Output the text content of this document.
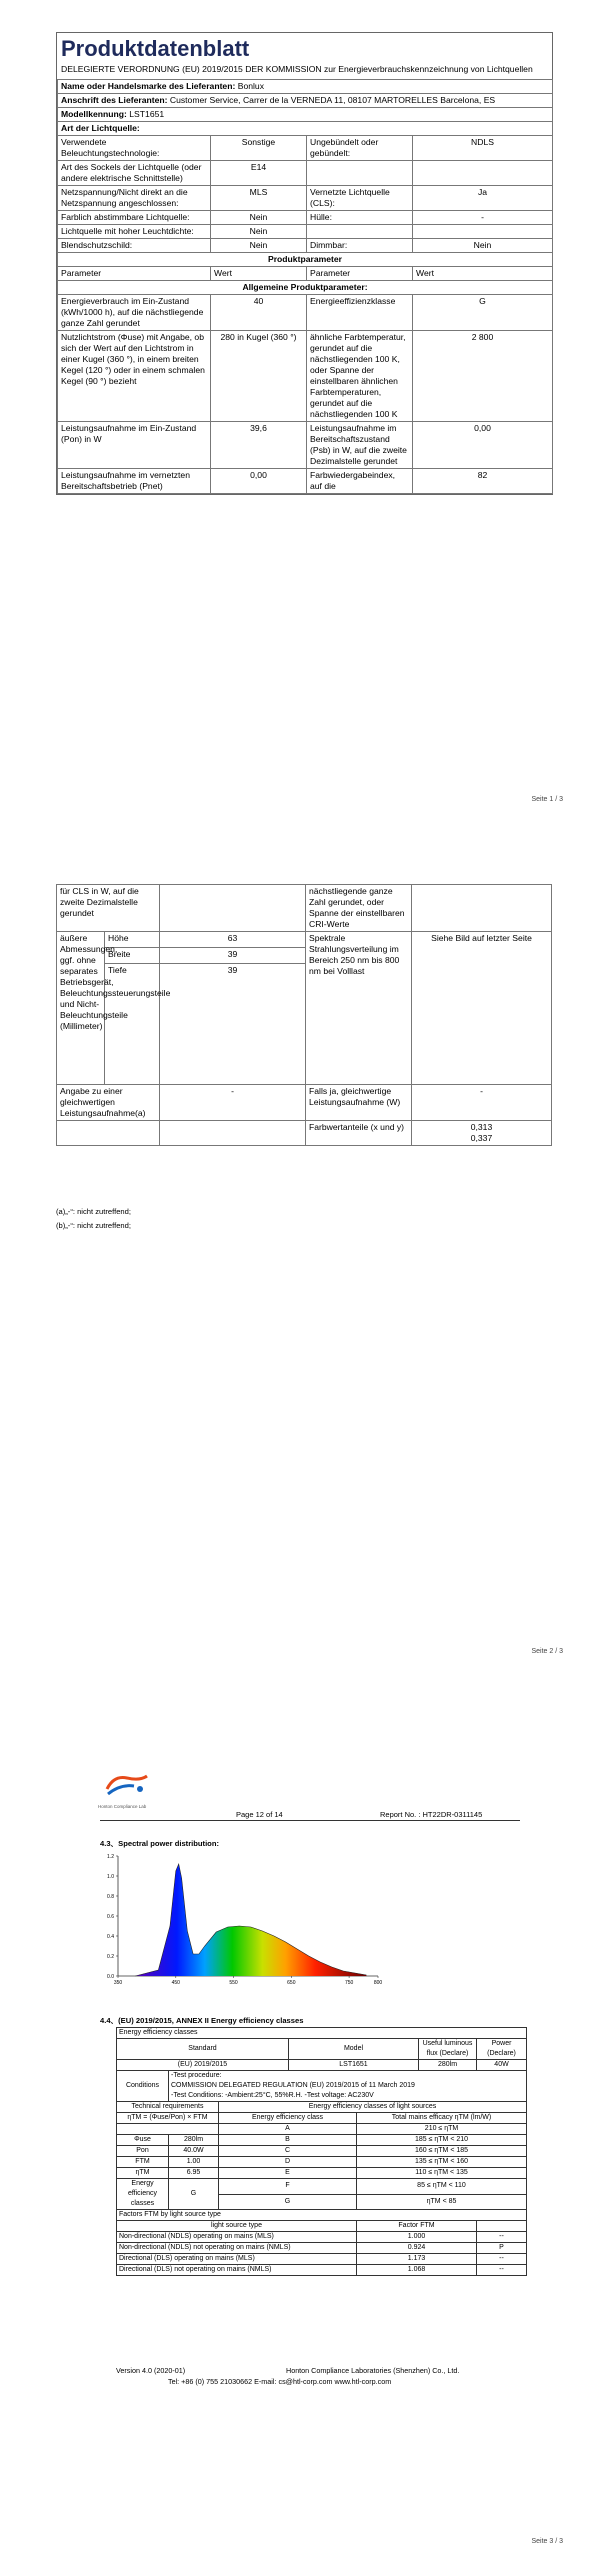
Produktdatenblatt
DELEGIERTE VERORDNUNG (EU) 2019/2015 DER KOMMISSION zur Energieverbrauchskennzeichnung von Lichtquellen
Name oder Handelsmarke des Lieferanten: Bonlux			
Anschrift des Lieferanten: Customer Service, Carrer de la VERNEDA 11, 08107 MARTORELLES Barcelona, ES			
Modellkennung: LST1651			
Art der Lichtquelle:			
Verwendete Beleuchtungstechnologie:	Sonstige	Ungebündelt oder gebündelt:	NDLS
Art des Sockels der Lichtquelle (oder andere elektrische Schnittstelle)	E14		
Netzspannung/Nicht direkt an die Netzspannung angeschlossen:	MLS	Vernetzte Lichtquelle (CLS):	Ja
Farblich abstimmbare Lichtquelle:	Nein	Hülle:	-
Lichtquelle mit hoher Leuchtdichte:	Nein		
Blendschutzschild:	Nein	Dimmbar:	Nein
Produktparameter			
Parameter	Wert	Parameter	Wert
Allgemeine Produktparameter:			
Energieverbrauch im Ein-Zustand (kWh/1000 h), auf die nächstliegende ganze Zahl gerundet	40	Energieeffizienzklasse	G
Nutzlichtstrom (Φuse) mit Angabe, ob sich der Wert auf den Lichtstrom in einer Kugel (360 °), in einem breiten Kegel (120 °) oder in einem schmalen Kegel (90 °) bezieht	280 in Kugel (360 °)	ähnliche Farbtemperatur, gerundet auf die nächstliegenden 100 K, oder Spanne der einstellbaren ähnlichen Farbtemperaturen, gerundet auf die nächstliegenden 100 K	2 800
Leistungsaufnahme im Ein-Zustand (Pon) in W	39,6	Leistungsaufnahme im Bereitschaftszustand (Psb) in W, auf die zweite Dezimalstelle gerundet	0,00
Leistungsaufnahme im vernetzten Bereitschaftsbetrieb (Pnet)	0,00	Farbwiedergabeindex, auf die	82
Seite 1 / 3
für CLS in W, auf die zweite Dezimalstelle gerundet			nächstliegende ganze Zahl gerundet, oder Spanne der einstellbaren CRI-Werte	
äußere Abmessungen, ggf. ohne separates Betriebsgerät, Beleuchtungssteuerungsteile und Nicht-Beleuchtungsteile (Millimeter)	Höhe	63	Spektrale Strahlungsverteilung im Bereich 250 nm bis 800 nm bei Volllast	Siehe Bild auf letzter Seite
	Breite	39		
	Tiefe	39		
Angabe zu einer gleichwertigen Leistungsaufnahme(a)		-	Falls ja, gleichwertige Leistungsaufnahme (W)	-
			Farbwertanteile (x und y)	0,313
0,337
(a)„-“: nicht zutreffend;
(b)„-“: nicht zutreffend;
Seite 2 / 3
Honton Compliance Lab
Page 12 of 14	Report No. : HT22DR-0311145
4.3、Spectral power distribution:
1.2
1.0
0.8
0.6
0.4
0.2
0.0
350	450	550	650	750	800
4.4、(EU) 2019/2015, ANNEX II Energy efficiency classes
Energy efficiency classes						
Standard			Model		Useful luminous flux (Declare)	Power (Declare)
(EU) 2019/2015			LST1651		280lm	40W
Conditions	-Test procedure:
COMMISSION DELEGATED REGULATION (EU) 2019/2015 of 11 March 2019
-Test Conditions: -Ambient:25°C, 55%R.H. -Test voltage: AC230V					

Technical requirements		Energy efficiency classes of light sources				
ηTM = (Φuse/Pon) × FTM		Energy efficiency class		Total mains efficacy ηTM (lm/W)		
		A		210 ≤ ηTM		
Φuse	280lm	B		185 ≤ ηTM < 210		
Pon	40.0W	C		160 ≤ ηTM < 185		
FTM	1.00	D		135 ≤ ηTM < 160		
ηTM	6.95	E		110 ≤ ηTM < 135		
Energy efficiency classes	G	F		85 ≤ ηTM < 110		
		G		ηTM < 85		
Factors FTM by light source type						
light source type				Factor FTM		
Non-directional (NDLS) operating on mains (MLS)				1.000		--
Non-directional (NDLS) not operating on mains (NMLS)				0.924		P
Directional (DLS) operating on mains (MLS)				1.173		--
Directional (DLS) not operating on mains (NMLS)				1.068		--
Version 4.0 (2020-01)	Honton Compliance Laboratories (Shenzhen) Co., Ltd.
Tel: +86 (0) 755 21030662 E-mail: cs@htl-corp.com www.htl-corp.com
Seite 3 / 3
